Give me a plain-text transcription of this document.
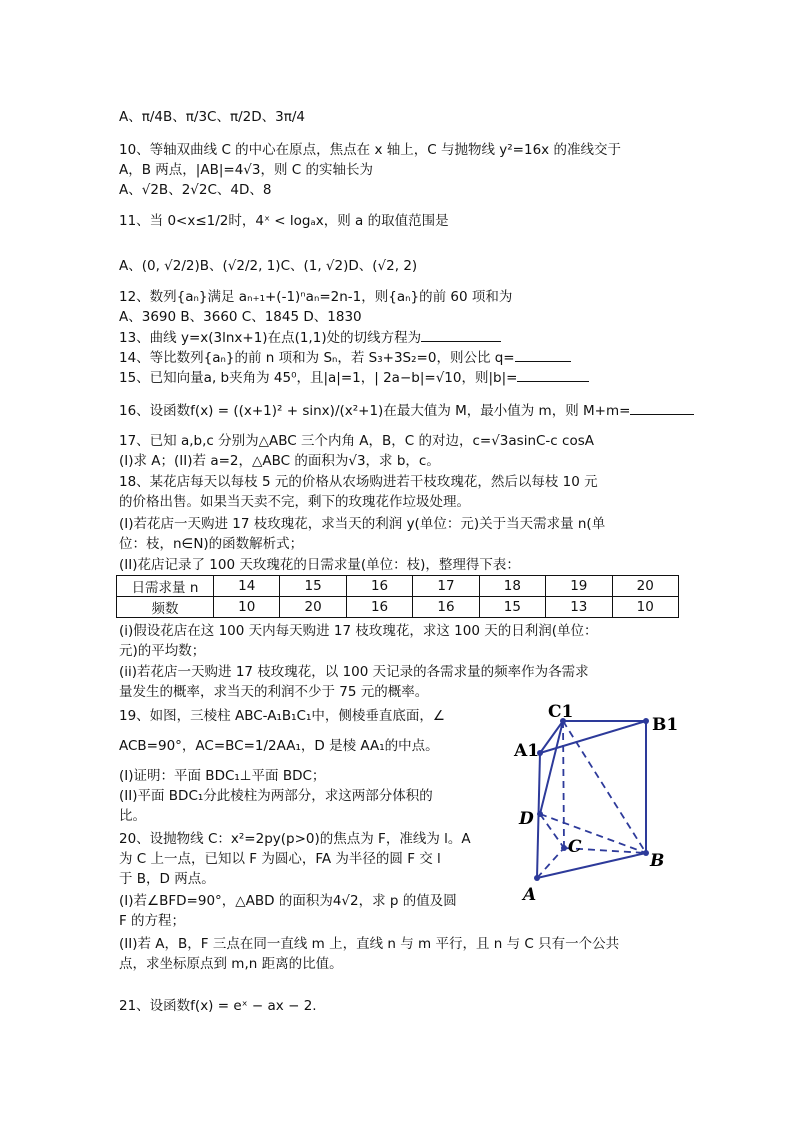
A、π/4B、π/3C、π/2D、3π/4
10、等轴双曲线 C 的中心在原点，焦点在 x 轴上，C 与抛物线 y²=16x 的准线交于
A，B 两点，|AB|=4√3，则 C 的实轴长为
A、√2B、2√2C、4D、8
11、当 0<x≤1/2时，4ˣ < logₐx，则 a 的取值范围是
A、(0, √2/2)B、(√2/2, 1)C、(1, √2)D、(√2, 2)
12、数列{aₙ}满足 aₙ₊₁+(-1)ⁿaₙ=2n-1，则{aₙ}的前 60 项和为
A、3690 B、3660 C、1845 D、1830
13、曲线 y=x(3lnx+1)在点(1,1)处的切线方程为
14、等比数列{aₙ}的前 n 项和为 Sₙ，若 S₃+3S₂=0，则公比 q=
15、已知向量a, b夹角为 45⁰，且|a|=1，| 2a−b|=√10，则|b|=
16、设函数f(x) = ((x+1)² + sinx)/(x²+1)在最大值为 M，最小值为 m，则 M+m=
17、已知 a,b,c 分别为△ABC 三个内角 A，B，C 的对边，c=√3asinC-c cosA
(I)求 A；(II)若 a=2，△ABC 的面积为√3，求 b，c。
18、某花店每天以每枝 5 元的价格从农场购进若干枝玫瑰花，然后以每枝 10 元
的价格出售。如果当天卖不完，剩下的玫瑰花作垃圾处理。
(I)若花店一天购进 17 枝玫瑰花，求当天的利润 y(单位：元)关于当天需求量 n(单
位：枝，n∈N)的函数解析式；
(II)花店记录了 100 天玫瑰花的日需求量(单位：枝)，整理得下表：
日需求量 n	14	15	16	17	18	19	20
频数	10	20	16	16	15	13	10
(i)假设花店在这 100 天内每天购进 17 枝玫瑰花，求这 100 天的日利润(单位：
元)的平均数；
(ii)若花店一天购进 17 枝玫瑰花，以 100 天记录的各需求量的频率作为各需求
量发生的概率，求当天的利润不少于 75 元的概率。
19、如图，三棱柱 ABC-A₁B₁C₁中，侧棱垂直底面，∠
ACB=90°，AC=BC=1/2AA₁，D 是棱 AA₁的中点。
(I)证明：平面 BDC₁⊥平面 BDC；
(II)平面 BDC₁分此棱柱为两部分，求这两部分体积的
比。
20、设抛物线 C：x²=2py(p>0)的焦点为 F，准线为 l。A
为 C 上一点，已知以 F 为圆心，FA 为半径的圆 F 交 l
于 B，D 两点。
(I)若∠BFD=90°，△ABD 的面积为4√2，求 p 的值及圆
F 的方程；
(II)若 A，B，F 三点在同一直线 m 上，直线 n 与 m 平行，且 n 与 C 只有一个公共
点，求坐标原点到 m,n 距离的比值。
21、设函数f(x) = eˣ − ax − 2.
C1
B1
A1
D
C
B
A
